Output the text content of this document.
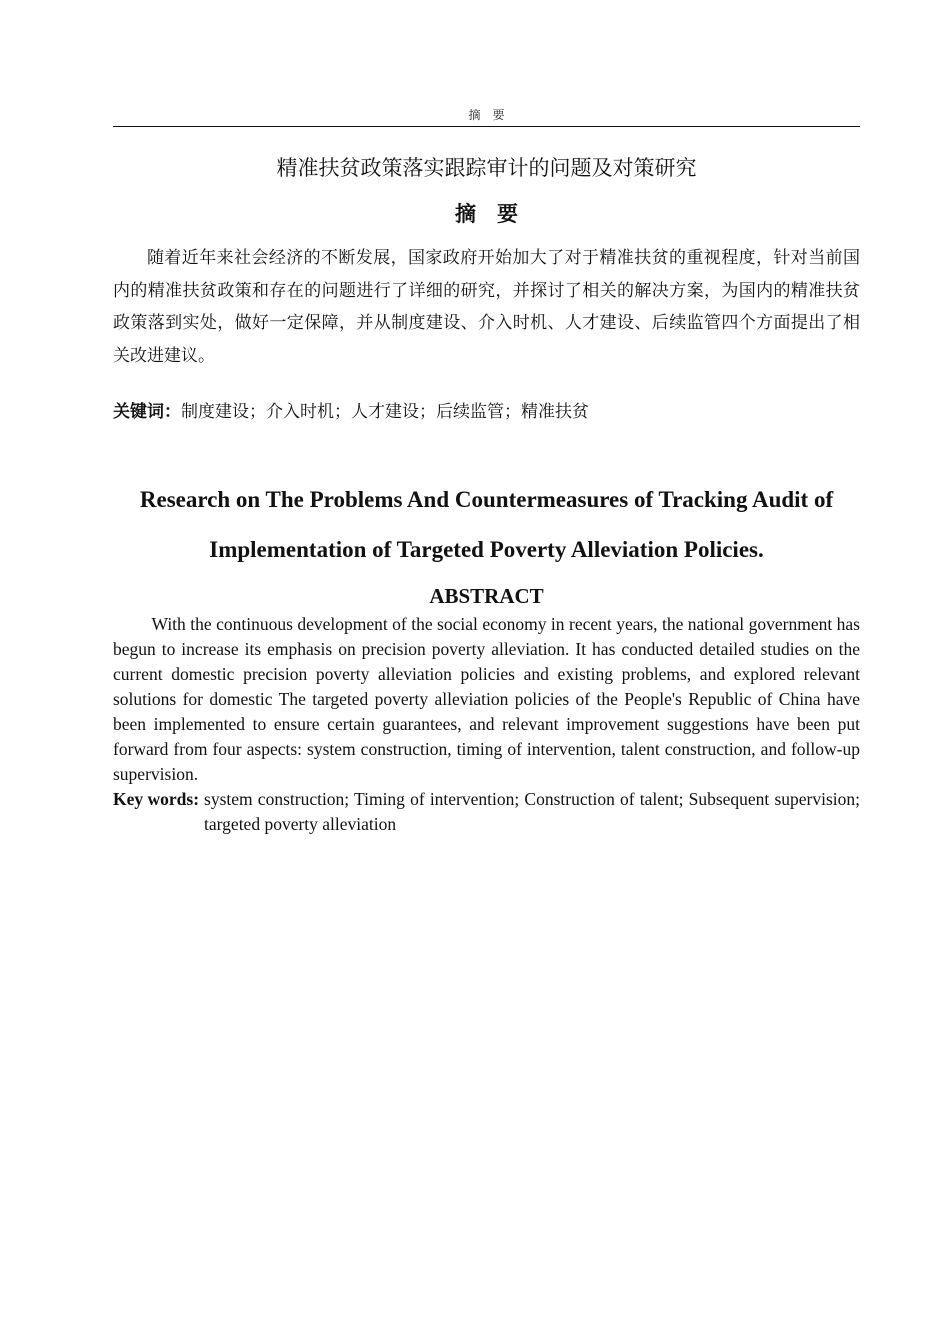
摘　要
精准扶贫政策落实跟踪审计的问题及对策研究
摘　要

随着近年来社会经济的不断发展，国家政府开始加大了对于精准扶贫的重视程度，针对当前国内的精准扶贫政策和存在的问题进行了详细的研究，并探讨了相关的解决方案，为国内的精准扶贫政策落到实处，做好一定保障，并从制度建设、介入时机、人才建设、后续监管四个方面提出了相关改进建议。

关键词：制度建设；介入时机；人才建设；后续监管；精准扶贫

Research on The Problems And Countermeasures of Tracking Audit of Implementation of Targeted Poverty Alleviation Policies.

ABSTRACT

With the continuous development of the social economy in recent years, the national government has begun to increase its emphasis on precision poverty alleviation. It has conducted detailed studies on the current domestic precision poverty alleviation policies and existing problems, and explored relevant solutions for domestic The targeted poverty alleviation policies of the People's Republic of China have been implemented to ensure certain guarantees, and relevant improvement suggestions have been put forward from four aspects: system construction, timing of intervention, talent construction, and follow-up supervision.

Key words: system construction; Timing of intervention; Construction of talent; Subsequent supervision; targeted poverty alleviation
